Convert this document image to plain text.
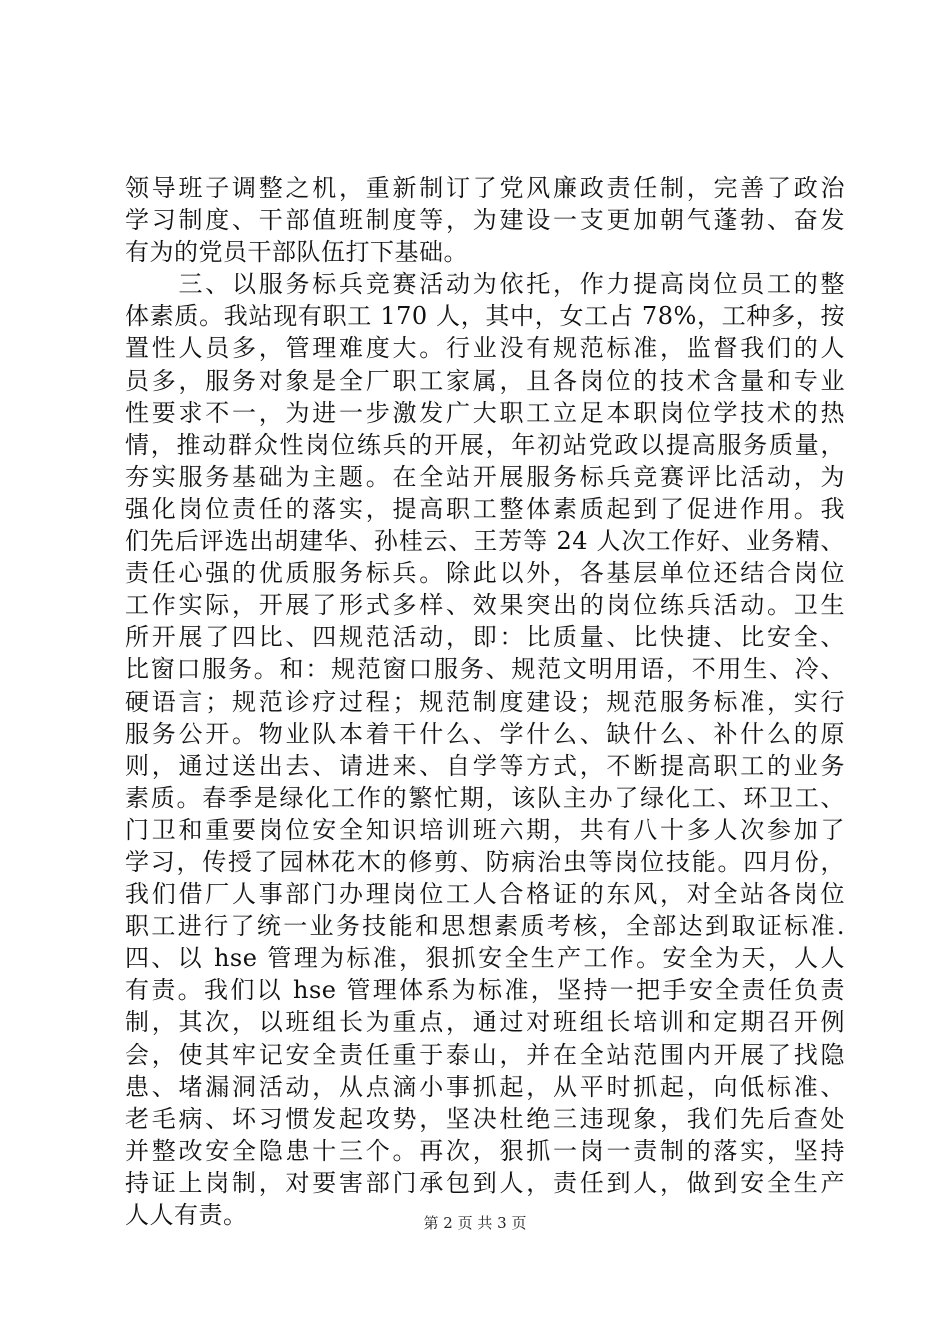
领导班子调整之机，重新制订了党风廉政责任制，完善了政治
学习制度、干部值班制度等，为建设一支更加朝气蓬勃、奋发
有为的党员干部队伍打下基础。
　　三、以服务标兵竞赛活动为依托，作力提高岗位员工的整
体素质。我站现有职工 170 人，其中，女工占 78%，工种多，按
置性人员多，管理难度大。行业没有规范标准，监督我们的人
员多，服务对象是全厂职工家属，且各岗位的技术含量和专业
性要求不一，为进一步激发广大职工立足本职岗位学技术的热
情，推动群众性岗位练兵的开展，年初站党政以提高服务质量，
夯实服务基础为主题。在全站开展服务标兵竞赛评比活动，为
强化岗位责任的落实，提高职工整体素质起到了促进作用。我
们先后评选出胡建华、孙桂云、王芳等 24 人次工作好、业务精、
责任心强的优质服务标兵。除此以外，各基层单位还结合岗位
工作实际，开展了形式多样、效果突出的岗位练兵活动。卫生
所开展了四比、四规范活动，即：比质量、比快捷、比安全、
比窗口服务。和：规范窗口服务、规范文明用语，不用生、冷、
硬语言；规范诊疗过程；规范制度建设；规范服务标准，实行
服务公开。物业队本着干什么、学什么、缺什么、补什么的原
则，通过送出去、请进来、自学等方式，不断提高职工的业务
素质。春季是绿化工作的繁忙期，该队主办了绿化工、环卫工、
门卫和重要岗位安全知识培训班六期，共有八十多人次参加了
学习，传授了园林花木的修剪、防病治虫等岗位技能。四月份，
我们借厂人事部门办理岗位工人合格证的东风，对全站各岗位
职工进行了统一业务技能和思想素质考核，全部达到取证标准.
四、以 hse 管理为标准，狠抓安全生产工作。安全为天，人人
有责。我们以 hse 管理体系为标准，坚持一把手安全责任负责
制，其次，以班组长为重点，通过对班组长培训和定期召开例
会，使其牢记安全责任重于泰山，并在全站范围内开展了找隐
患、堵漏洞活动，从点滴小事抓起，从平时抓起，向低标准、
老毛病、坏习惯发起攻势，坚决杜绝三违现象，我们先后查处
并整改安全隐患十三个。再次，狠抓一岗一责制的落实，坚持
持证上岗制，对要害部门承包到人，责任到人，做到安全生产
人人有责。	第 2 页 共 3 页
